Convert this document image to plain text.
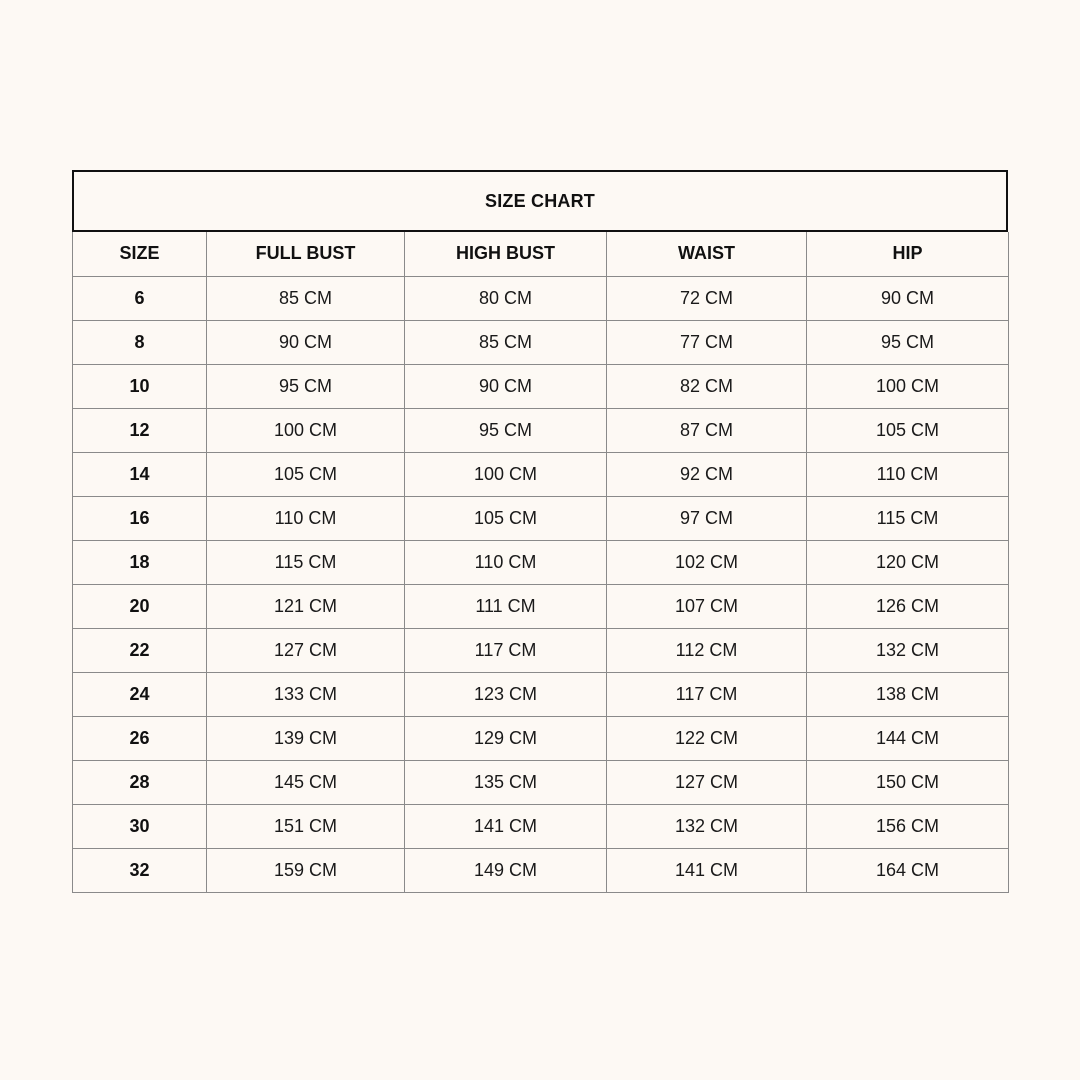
SIZE CHART
SIZE	FULL BUST	HIGH BUST	WAIST	HIP
6	85 CM	80 CM	72 CM	90 CM
8	90 CM	85 CM	77 CM	95 CM
10	95 CM	90 CM	82 CM	100 CM
12	100 CM	95 CM	87 CM	105 CM
14	105 CM	100 CM	92 CM	110 CM
16	110 CM	105 CM	97 CM	115 CM
18	115 CM	110 CM	102 CM	120 CM
20	121 CM	111 CM	107 CM	126 CM
22	127 CM	117 CM	112 CM	132 CM
24	133 CM	123 CM	117 CM	138 CM
26	139 CM	129 CM	122 CM	144 CM
28	145 CM	135 CM	127 CM	150 CM
30	151 CM	141 CM	132 CM	156 CM
32	159 CM	149 CM	141 CM	164 CM
